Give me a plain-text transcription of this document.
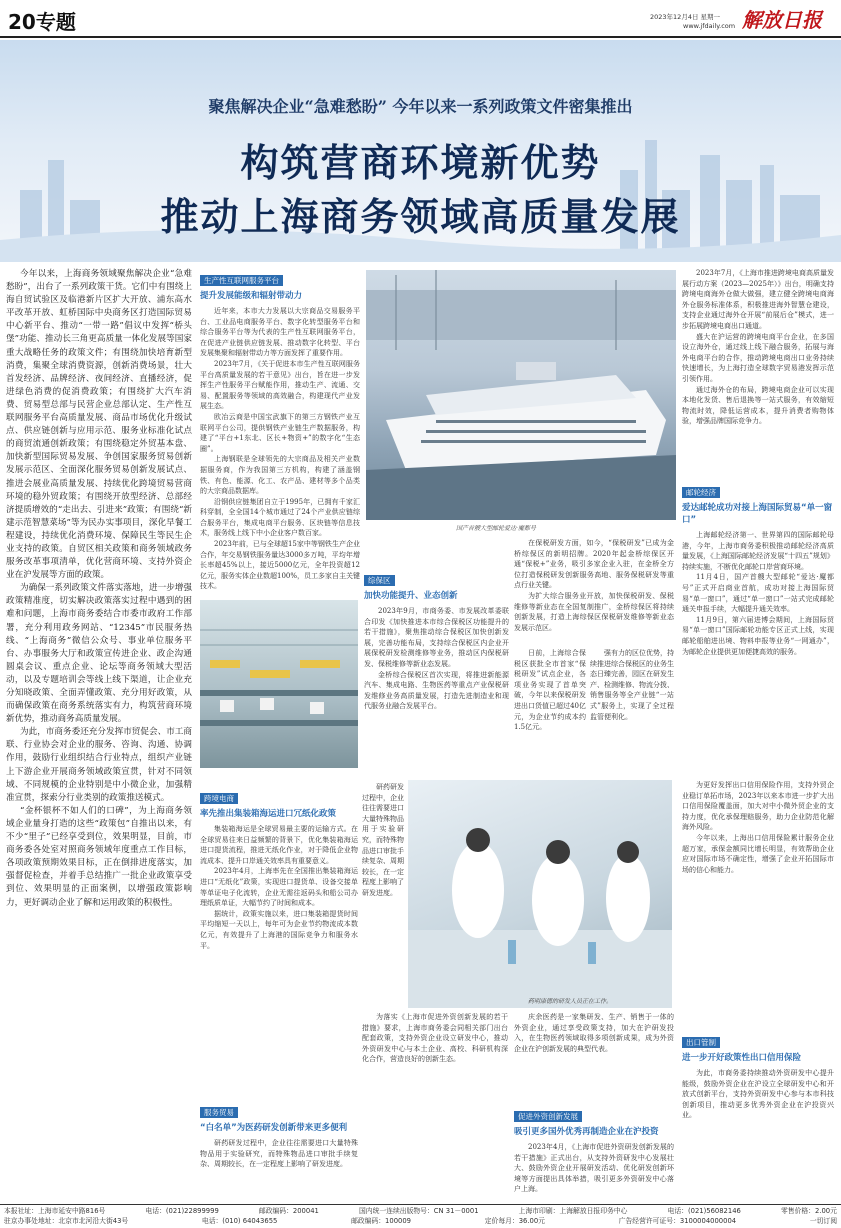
20专题	2023年12月4日 星期一
www.jfdaily.com 解放日报
聚焦解决企业“急难愁盼” 今年以来一系列政策文件密集推出
构筑营商环境新优势
推动上海商务领域高质量发展

今年以来，上海商务领域聚焦解决企业“急难愁盼”，出台了一系列政策干货。它们中有围绕上海自贸试验区及临港新片区扩大开放、浦东高水平改革开放、虹桥国际中央商务区打造国际贸易中心新平台、推动“一带一路”倡议中发挥“桥头堡”功能、推动长三角更高质量一体化发展等国家重大战略任务的政策文件；有围绕加快培育新型消费，集聚全球消费资源，创新消费场景，壮大首发经济、品牌经济、夜间经济、直播经济，促进绿色消费的促消费政策；有围绕扩大汽车消费、贸易型总部与民营企业总部认定、生产性互联网服务平台高质量发展、商品市场优化升级试点、供应链创新与应用示范、服务业标准化试点的商贸流通创新政策；有围绕稳定外贸基本盘、加快新型国际贸易发展、争创国家服务贸易创新发展示范区、全面深化服务贸易创新发展试点、推进会展业高质量发展、持续优化跨境贸易营商环境的稳外贸政策；有围绕开放型经济、总部经济提质增效的“走出去、引进来”政策；有围绕“新建示范智慧菜场”等为民办实事项目，深化早餐工程建设，持续优化消费环境、保障民生等民生企业支持的政策。自贸区相关政策和商务领域政务服务改革事项清单，优化营商环境、支持外资企业在沪发展等方面的政策。

为确保一系列政策文件落实落地，进一步增强政策精准度，切实解决政策落实过程中遇到的困难和问题，上海市商务委结合市委市政府工作部署，充分利用政务网站、“12345”市民服务热线、“上海商务”微信公众号、事业单位服务平台、办事服务大厅和政策宣传进企业、政企沟通圆桌会议、重点企业、论坛等商务领域大型活动，以及专题培训会等线上线下渠道，让企业充分知晓政策、全面弄懂政策、充分用好政策，从而确保政策在商务系统落实有力，构筑营商环境新优势，推动商务高质量发展。

为此，市商务委还充分发挥市贸促会、市工商联、行业协会对企业的服务、咨询、沟通、协调作用，鼓励行业组织结合行业特点，组织产业链上下游企业开展商务领域政策宣贯，针对不同领域、不同规模的企业特别是中小微企业，加强精准宣贯，探索分行业类别的政策推送模式。

“金杯银杯不如人们的口碑”，为上海商务领域企业量身打造的这些“政策包”自推出以来，有不少“里子”已经享受到位，效果明显，目前，市商务委各处室对照商务领域年度重点工作目标，各项政策预期效果目标，正在倒排进度落实，加强督促检查，并着手总结推广一批企业政策享受到位、效果明显的正面案例，以增强政策影响力，更好调动企业了解和运用政策的积极性。

生产性互联网服务平台
提升发展能级和辐射带动力

近年来，本市大力发展以大宗商品交易服务平台、工业品电商服务平台、数字化转型服务平台和综合服务平台等为代表的生产性互联网服务平台，在促进产业链供应链发展、推动数字化转型、平台发展集聚和辐射带动力等方面发挥了重要作用。

2023年7月，《关于促进本市生产性互联网服务平台高质量发展的若干意见》出台，旨在进一步发挥生产性服务平台赋能作用，推动生产、流通、交易、配置服务等领域的高效融合，构建现代产业发展生态。

欧冶云商是中国宝武旗下的第三方钢铁产业互联网平台公司，提供钢铁产业链生产数据服务，构建了“平台+1东北、区长+物资+”的数字化“生态圈”。

上海钢联是全球领先的大宗商品及相关产业数据服务商，作为我国第三方机构，构建了涵盖钢铁、有色、能源、化工、农产品、建材等多个品类的大宗商品数据库。

沿钢供应链集团自立于1995年，已拥有千家汇科穿制，全全国14个城市通过了24个产业供应链综合服务平台，集成电商平台服务、区块链等信息技术，服务线上线下中小企业客户数百家。

2023年前，已与全球超15家中等钢铁生产企业合作，年交易钢铁服务量达3000多万吨，平均年增长率超45%以上，接近5000亿元，全年投资超12亿元，服务实体企业数超100%，员工多家自主关键技术。

国产首艘大型邮轮爱达·魔都号
综保区
加快功能提升、业态创新

2023年9月，市商务委、市发展改革委联合印发《加快推进本市综合保税区功能提升的若干措施》，聚焦推动综合保税区加快创新发展，完善功能布局，支持综合保税区内企业开展保税研发检测维修等业务，推动区内保税研发、保税维修等新业态发展。

金桥综合保税区首次实现，将推进新能源汽车、集成电路、生物医药等重点产业保税研发维修业务高质量发展，打造先进制造业和现代服务业融合发展平台。

在保税研发方面，如今，“保税研发”已成为金桥综保区的新明招牌。2020年起金桥综保区开通“保税+”业务，吸引多家企业入驻，在金桥全方位打造保税研发创新服务高地、服务保税研发等重点行业关键。

为扩大综合服务业开放，加快保税研发、保税维修等新业态在全国复制推广，金桥综保区将持续创新发展，打造上海综保区保税研发维修等新业态发展示范区。

强有力的区位优势，持续推进综合保税区的业务生态日臻完善，园区在研发生产、检测维修、物流分拨、销售服务等全产业链“一站式”服务上，实现了全过程监管便利化。

日前，上海综合保税区获批全市首家“保税研发”试点企业，各项业务实现了首单突破，今年以来保税研发进出口货值已超过40亿元，为企业节约成本约1.5亿元。

菜鸟跨境仓配中心
跨境电商
率先推出集装箱海运进口冗纸化政策

集装箱海运是全球贸易最主要的运输方式。在全球贸易往来日益频繁的背景下，优化集装箱海运进口提货流程，推进无纸化作业，对于降低企业物流成本、提升口岸通关效率具有重要意义。

2023年4月，上海率先在全国推出集装箱海运进口“无纸化”政策，实现进口提货单、设备交接单等单证电子化流转，企业无需往返码头和船公司办理纸质单证，大幅节约了时间和成本。

据统计，政策实施以来，进口集装箱提货时间平均缩短一天以上，每年可为企业节约物流成本数亿元，有效提升了上海港的国际竞争力和服务水平。

服务贸易
“白名单”为医药研发创新带来更多便利

研药研发过程中，企业往往需要进口大量特殊物品用于实验研究，而特殊物品进口审批手续复杂、周期较长，在一定程度上影响了研发进度。

研药研发过程中，企业往往需要进口大量特殊物品用于实验研究，而特殊物品进口审批手续复杂、周期较长，在一定程度上影响了研发进度。

药明康德的研发人员正在工作。

为落实《上海市促进外资创新发展的若干措施》要求，上海市商务委会同相关部门出台配套政策，支持外资企业设立研发中心，推动外资研发中心与本土企业、高校、科研机构深化合作，营造良好的创新生态。

庆余医药是一家集研发、生产、销售于一体的外资企业，通过享受政策支持，加大在沪研发投入，在生物医药领域取得多项创新成果，成为外资企业在沪创新发展的典型代表。

促进外资创新发展
吸引更多国外优秀再制造企业在沪投资

2023年4月，《上海市促进外资研发创新发展的若干措施》正式出台，从支持外资研发中心发展壮大、鼓励外资企业开展研发活动、优化研发创新环境等方面提出具体举措，吸引更多外资研发中心落户上海。

2023年7月，《上海市推进跨境电商高质量发展行动方案（2023—2025年）》出台，明确支持跨境电商海外仓做大做强，建立健全跨境电商海外仓服务标准体系，积极推进海外智慧仓建设，支持企业通过海外仓开展“前展后仓”模式，进一步拓展跨境电商出口通道。

盛大在沪运营的跨境电商平台企业，在多国设立海外仓，通过线上线下融合服务，拓展与海外电商平台的合作，推动跨境电商出口业务持续快速增长，为上海打造全球数字贸易港发挥示范引领作用。

通过海外仓的布局，跨境电商企业可以实现本地化发货、售后退换等一站式服务，有效缩短物流时效，降低运营成本，提升消费者购物体验，增强品牌国际竞争力。

邮轮经济
爱达邮轮成功对接上海国际贸易“单一窗口”

上海邮轮经济第一、世界第四的国际邮轮母港，今年，上海市商务委积极推动邮轮经济高质量发展，《上海国际邮轮经济发展“十四五”规划》持续实施，不断优化邮轮口岸营商环境。

11月4日，国产首艘大型邮轮“爱达·魔都号”正式开启商业首航，成功对接上海国际贸易“单一窗口”，通过“单一窗口”一站式完成邮轮通关申报手续，大幅提升通关效率。

11月9日，第六届进博会期间，上海国际贸易“单一窗口”国际邮轮功能专区正式上线，实现邮轮船舶进出境、物料申报等业务“一网通办”，为邮轮企业提供更加便捷高效的服务。

为更好发挥出口信用保险作用，支持外贸企业稳订单拓市场，2023年以来本市进一步扩大出口信用保险覆盖面，加大对中小微外贸企业的支持力度，优化承保理赔服务，助力企业防范化解海外风险。

今年以来，上海出口信用保险累计服务企业超万家，承保金额同比增长明显，有效帮助企业应对国际市场不确定性，增强了企业开拓国际市场的信心和能力。

出口管制
进一步开好政策性出口信用保险

为此，市商务委持续推动外资研发中心提升能级，鼓励外资企业在沪设立全球研发中心和开放式创新平台，支持外资研发中心参与本市科技创新项目，推动更多优秀外资企业在沪投资兴业。

本报社址：上海市延安中路816号	电话：(021)22899999	邮政编码：200041	国内统一连续出版物号：CN 31－0001	上海市印刷：上海解放日报印务中心	电话：(021)56082146	零售价格：2.00元
驻京办事处地址：北京市北河沿大街43号	电话：(010) 64043655	邮政编码：100009	定价每月：36.00元	广告经营许可证号：3100004000004	一切订阅
